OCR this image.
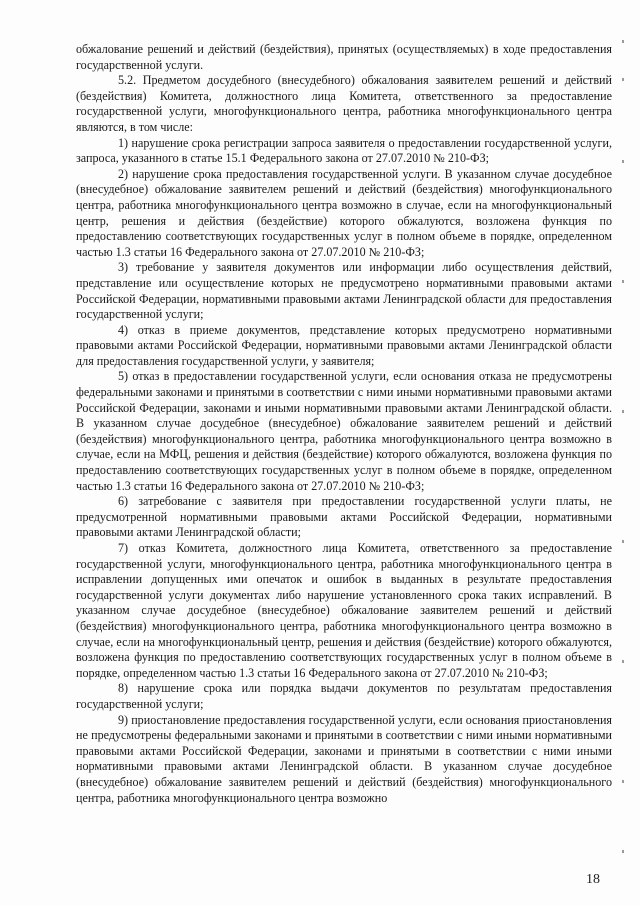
обжалование решений и действий (бездействия), принятых (осуществляемых) в ходе предоставления государственной услуги.

5.2. Предметом досудебного (внесудебного) обжалования заявителем решений и действий (бездействия) Комитета, должностного лица Комитета, ответственного за предоставление государственной услуги, многофункционального центра, работника многофункционального центра являются, в том числе:

1) нарушение срока регистрации запроса заявителя о предоставлении государственной услуги, запроса, указанного в статье 15.1 Федерального закона от 27.07.2010 № 210-ФЗ;

2) нарушение срока предоставления государственной услуги. В указанном случае досудебное (внесудебное) обжалование заявителем решений и действий (бездействия) многофункционального центра, работника многофункционального центра возможно в случае, если на многофункциональный центр, решения и действия (бездействие) которого обжалуются, возложена функция по предоставлению соответствующих государственных услуг в полном объеме в порядке, определенном частью 1.3 статьи 16 Федерального закона от 27.07.2010 № 210-ФЗ;

3) требование у заявителя документов или информации либо осуществления действий, представление или осуществление которых не предусмотрено нормативными правовыми актами Российской Федерации, нормативными правовыми актами Ленинградской области для предоставления государственной услуги;

4) отказ в приеме документов, представление которых предусмотрено нормативными правовыми актами Российской Федерации, нормативными правовыми актами Ленинградской области для предоставления государственной услуги, у заявителя;

5) отказ в предоставлении государственной услуги, если основания отказа не предусмотрены федеральными законами и принятыми в соответствии с ними иными нормативными правовыми актами Российской Федерации, законами и иными нормативными правовыми актами Ленинградской области. В указанном случае досудебное (внесудебное) обжалование заявителем решений и действий (бездействия) многофункционального центра, работника многофункционального центра возможно в случае, если на МФЦ, решения и действия (бездействие) которого обжалуются, возложена функция по предоставлению соответствующих государственных услуг в полном объеме в порядке, определенном частью 1.3 статьи 16 Федерального закона от 27.07.2010 № 210-ФЗ;

6) затребование с заявителя при предоставлении государственной услуги платы, не предусмотренной нормативными правовыми актами Российской Федерации, нормативными правовыми актами Ленинградской области;

7) отказ Комитета, должностного лица Комитета, ответственного за предоставление государственной услуги, многофункционального центра, работника многофункционального центра в исправлении допущенных ими опечаток и ошибок в выданных в результате предоставления государственной услуги документах либо нарушение установленного срока таких исправлений. В указанном случае досудебное (внесудебное) обжалование заявителем решений и действий (бездействия) многофункционального центра, работника многофункционального центра возможно в случае, если на многофункциональный центр, решения и действия (бездействие) которого обжалуются, возложена функция по предоставлению соответствующих государственных услуг в полном объеме в порядке, определенном частью 1.3 статьи 16 Федерального закона от 27.07.2010 № 210-ФЗ;

8) нарушение срока или порядка выдачи документов по результатам предоставления государственной услуги;

9) приостановление предоставления государственной услуги, если основания приостановления не предусмотрены федеральными законами и принятыми в соответствии с ними иными нормативными правовыми актами Российской Федерации, законами и принятыми в соответствии с ними иными нормативными правовыми актами Ленинградской области. В указанном случае досудебное (внесудебное) обжалование заявителем решений и действий (бездействия) многофункционального центра, работника многофункционального центра возможно

18
